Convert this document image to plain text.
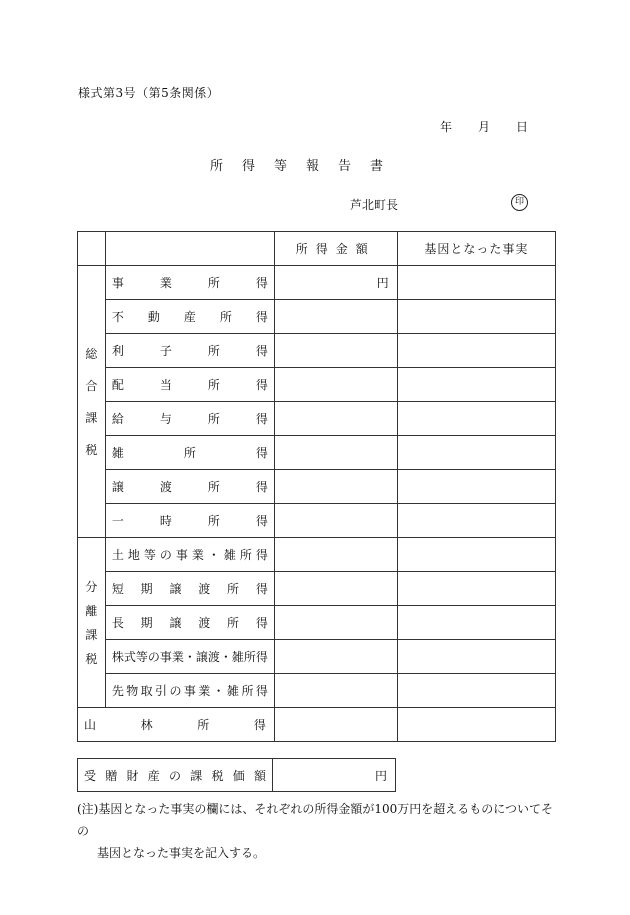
様式第3号（第5条関係）
年	月	日
所得等報告書
芦北町長	印
		所得金額	基因となった事実
総合課税	事業所得	円	

	不動産所得		

	利子所得		

	配当所得		

	給与所得		

	雑所得		

	譲渡所得		

	一時所得		

分離課税	土地等の事業・雑所得		

	短期譲渡所得		

	長期譲渡所得		

	株式等の事業・譲渡・雑所得		

	先物取引の事業・雑所得		

山林所得			

受贈財産の課税価額	円
(注)基因となった事実の欄には、それぞれの所得金額が100万円を超えるものについてその
基因となった事実を記入する。
